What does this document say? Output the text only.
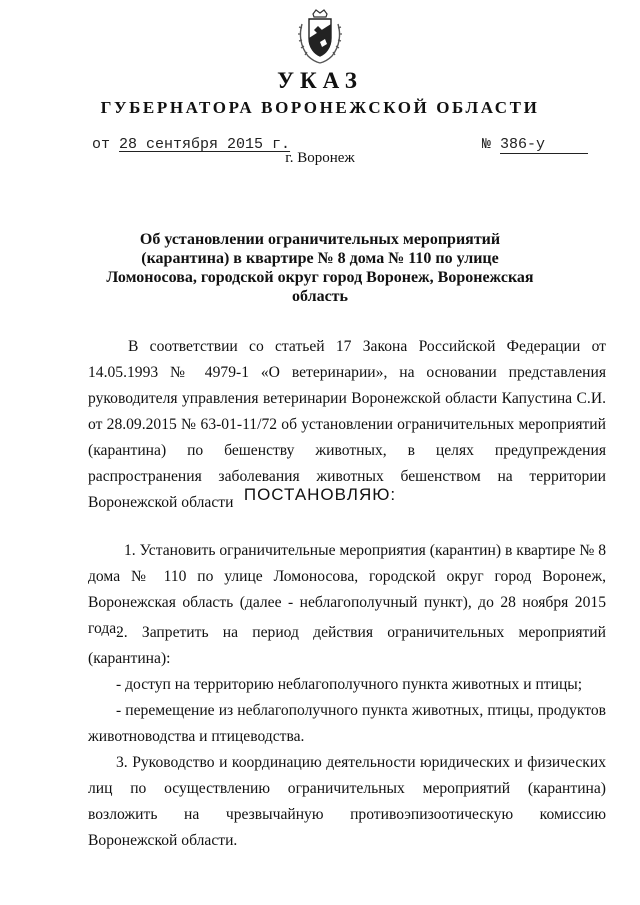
УКАЗ
ГУБЕРНАТОРА ВОРОНЕЖСКОЙ ОБЛАСТИ
от 28 сентября 2015 г.	№ 386-у
г. Воронеж
Об установлении ограничительных мероприятий (карантина) в квартире № 8 дома № 110 по улице Ломоносова, городской округ город Воронеж, Воронежская область
В соответствии со статьей 17 Закона Российской Федерации от 14.05.1993 № 4979-1 «О ветеринарии», на основании представления руководителя управления ветеринарии Воронежской области Капустина С.И. от 28.09.2015 № 63-01-11/72 об установлении ограничительных мероприятий (карантина) по бешенству животных, в целях предупреждения распространения заболевания животных бешенством на территории Воронежской области ПОСТАНОВЛЯЮ:
1. Установить ограничительные мероприятия (карантин) в квартире № 8 дома № 110 по улице Ломоносова, городской округ город Воронеж, Воронежская область (далее - неблагополучный пункт), до 28 ноября 2015 года.
2. Запретить на период действия ограничительных мероприятий (карантина):
- доступ на территорию неблагополучного пункта животных и птицы;
- перемещение из неблагополучного пункта животных, птицы, продуктов животноводства и птицеводства.
3. Руководство и координацию деятельности юридических и физических лиц по осуществлению ограничительных мероприятий (карантина) возложить на чрезвычайную противоэпизоотическую комиссию Воронежской области.
